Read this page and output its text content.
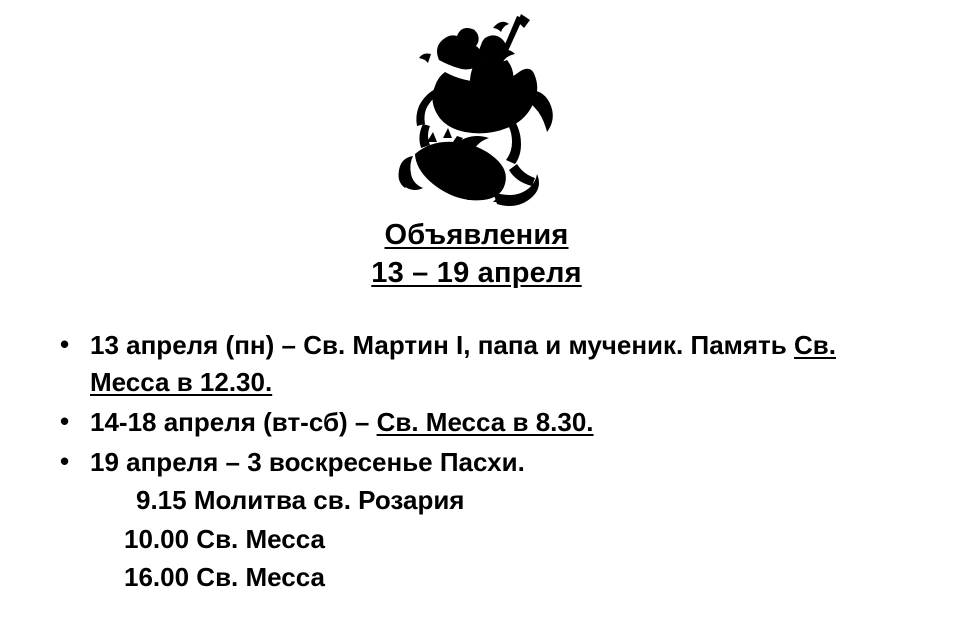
Объявления
13 – 19 апреля
• 13 апреля (пн) – Св. Мартин I, папа и мученик. Память Св. Месса в 12.30.
• 14-18 апреля (вт-сб) – Св. Месса в 8.30.
• 19 апреля – 3 воскресенье Пасхи.
9.15 Молитва св. Розария
10.00 Св. Месса
16.00 Св. Месса
